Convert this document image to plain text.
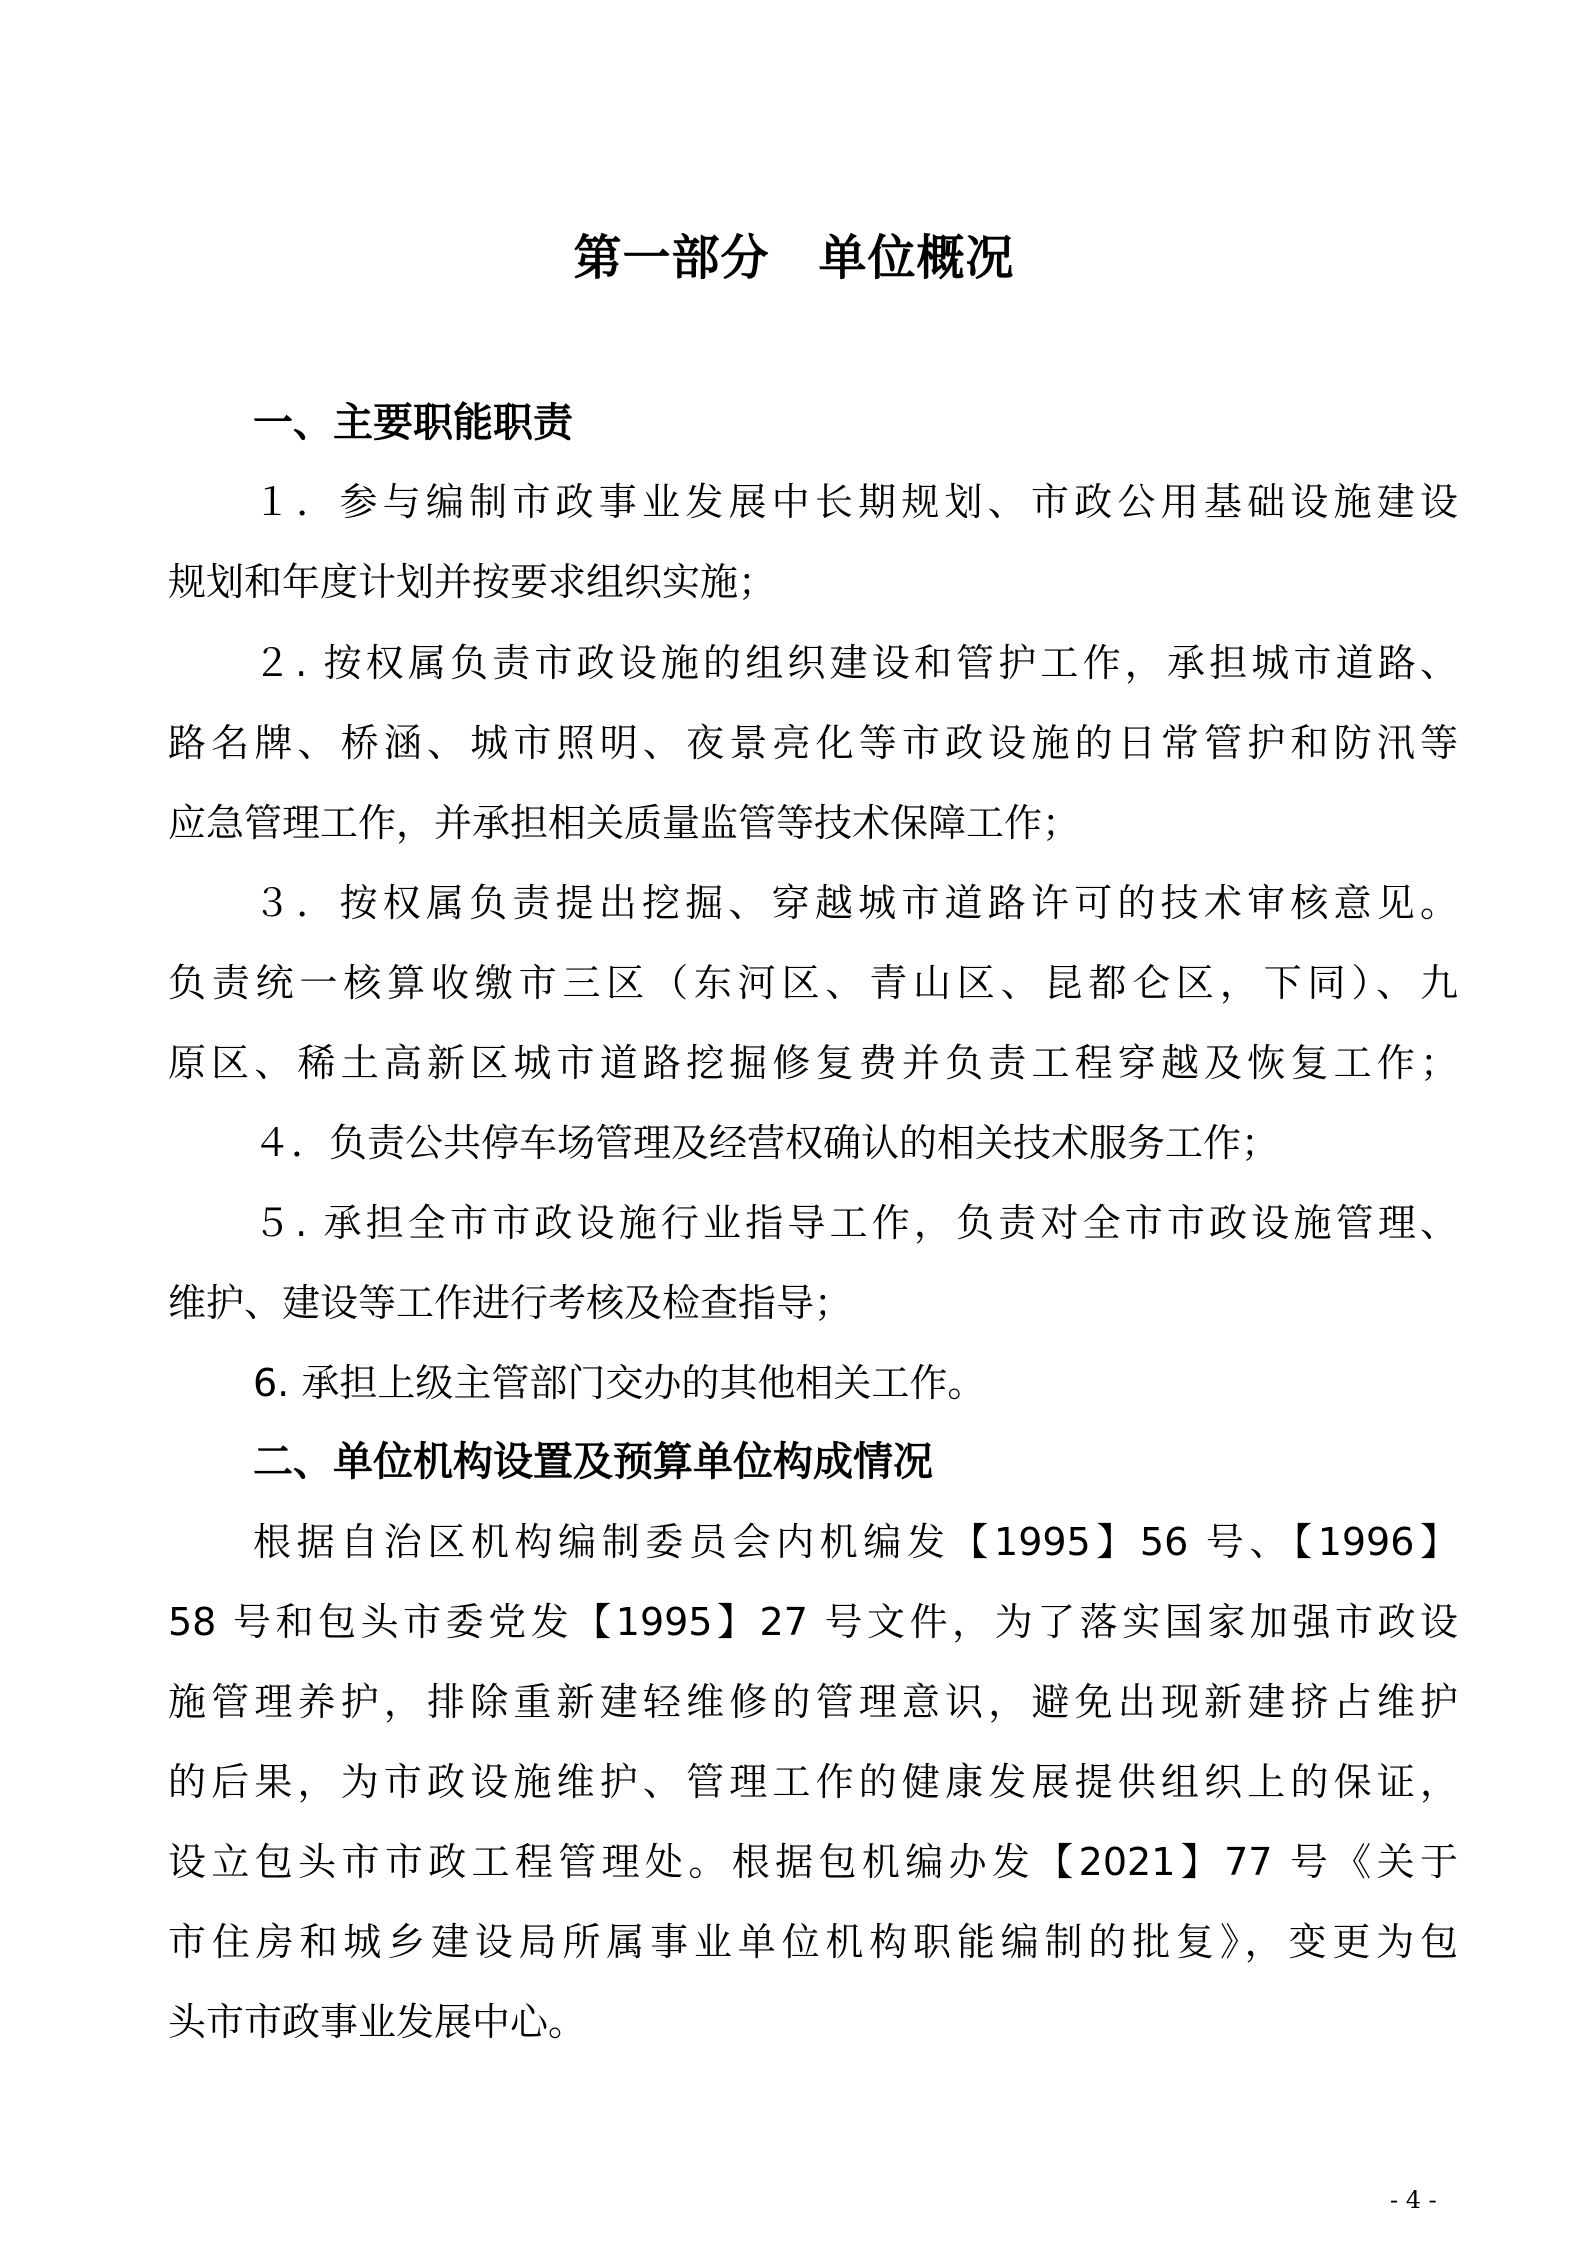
第一部分　单位概况
一、主要职能职责
１．参与编制市政事业发展中长期规划、市政公用基础设施建设
规划和年度计划并按要求组织实施；
２. 按权属负责市政设施的组织建设和管护工作，承担城市道路、
路名牌、桥涵、城市照明、夜景亮化等市政设施的日常管护和防汛等
应急管理工作，并承担相关质量监管等技术保障工作；
３．按权属负责提出挖掘、穿越城市道路许可的技术审核意见。
负责统一核算收缴市三区（东河区、青山区、昆都仑区，下同）、九
原区、稀土高新区城市道路挖掘修复费并负责工程穿越及恢复工作；
４．负责公共停车场管理及经营权确认的相关技术服务工作；
５. 承担全市市政设施行业指导工作，负责对全市市政设施管理、
维护、建设等工作进行考核及检查指导；
6. 承担上级主管部门交办的其他相关工作。
二、单位机构设置及预算单位构成情况
根据自治区机构编制委员会内机编发【1995】56 号、【1996】
58 号和包头市委党发【1995】27 号文件，为了落实国家加强市政设
施管理养护，排除重新建轻维修的管理意识，避免出现新建挤占维护
的后果，为市政设施维护、管理工作的健康发展提供组织上的保证，
设立包头市市政工程管理处。根据包机编办发【2021】77 号《关于
市住房和城乡建设局所属事业单位机构职能编制的批复》，变更为包
头市市政事业发展中心。
- 4 -
